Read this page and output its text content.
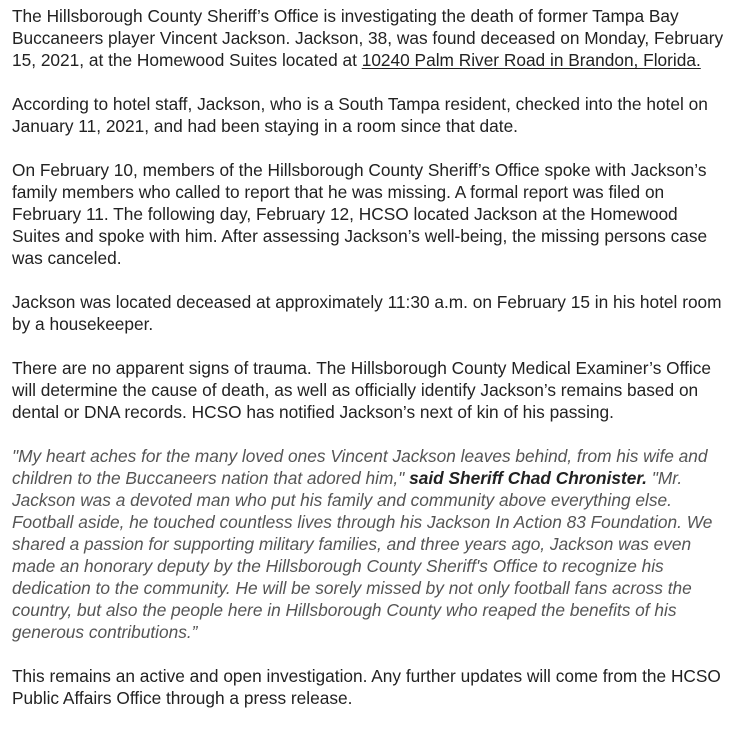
The Hillsborough County Sheriff’s Office is investigating the death of former Tampa Bay Buccaneers player Vincent Jackson. Jackson, 38, was found deceased on Monday, February 15, 2021, at the Homewood Suites located at 10240 Palm River Road in Brandon, Florida.

According to hotel staff, Jackson, who is a South Tampa resident, checked into the hotel on January 11, 2021, and had been staying in a room since that date.

On February 10, members of the Hillsborough County Sheriff’s Office spoke with Jackson’s family members who called to report that he was missing. A formal report was filed on February 11. The following day, February 12, HCSO located Jackson at the Homewood Suites and spoke with him. After assessing Jackson’s well-being, the missing persons case was canceled.

Jackson was located deceased at approximately 11:30 a.m. on February 15 in his hotel room by a housekeeper.

There are no apparent signs of trauma. The Hillsborough County Medical Examiner’s Office will determine the cause of death, as well as officially identify Jackson’s remains based on dental or DNA records. HCSO has notified Jackson’s next of kin of his passing.

"My heart aches for the many loved ones Vincent Jackson leaves behind, from his wife and children to the Buccaneers nation that adored him," said Sheriff Chad Chronister. "Mr. Jackson was a devoted man who put his family and community above everything else. Football aside, he touched countless lives through his Jackson In Action 83 Foundation. We shared a passion for supporting military families, and three years ago, Jackson was even made an honorary deputy by the Hillsborough County Sheriff's Office to recognize his dedication to the community. He will be sorely missed by not only football fans across the country, but also the people here in Hillsborough County who reaped the benefits of his generous contributions.”

This remains an active and open investigation. Any further updates will come from the HCSO Public Affairs Office through a press release.
